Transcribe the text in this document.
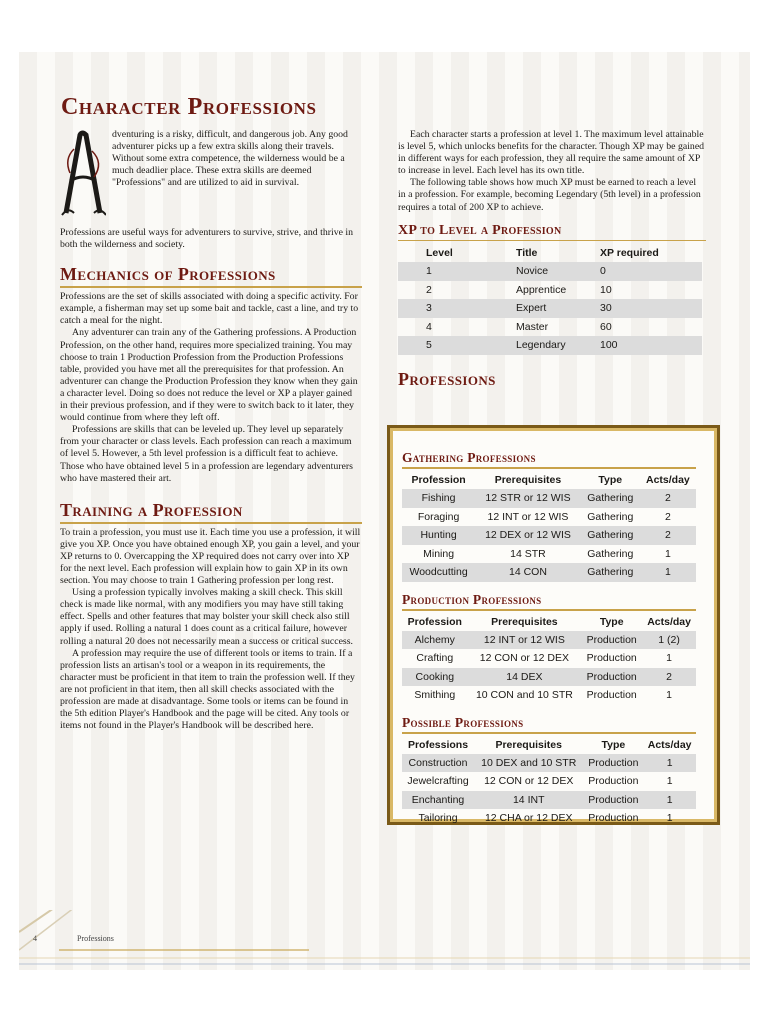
Character Professions

dventuring is a risky, difficult, and dangerous job. Any good adventurer picks up a few extra skills along their travels. Without some extra competence, the wilderness would be a much deadlier place. These extra skills are deemed "Professions" and are utilized to aid in survival.

Professions are useful ways for adventurers to survive, strive, and thrive in both the wilderness and society.

Mechanics of Professions

Professions are the set of skills associated with doing a specific activity. For example, a fisherman may set up some bait and tackle, cast a line, and try to catch a meal for the night.

Any adventurer can train any of the Gathering professions. A Production Profession, on the other hand, requires more specialized training. You may choose to train 1 Production Profession from the Production Professions table, provided you have met all the prerequisites for that profession. An adventurer can change the Production Profession they know when they gain a character level. Doing so does not reduce the level or XP a player gained in their previous profession, and if they were to switch back to it later, they would continue from where they left off.

Professions are skills that can be leveled up. They level up separately from your character or class levels. Each profession can reach a maximum of level 5. However, a 5th level profession is a difficult feat to achieve. Those who have obtained level 5 in a profession are legendary adventurers who have mastered their art.

Training a Profession

To train a profession, you must use it. Each time you use a profession, it will give you XP. Once you have obtained enough XP, you gain a level, and your XP returns to 0. Overcapping the XP required does not carry over into XP for the next level. Each profession will explain how to gain XP in its own section. You may choose to train 1 Gathering profession per long rest.

Using a profession typically involves making a skill check. This skill check is made like normal, with any modifiers you may have still taking effect. Spells and other features that may bolster your skill check also still apply if used. Rolling a natural 1 does count as a critical failure, however rolling a natural 20 does not necessarily mean a success or critical success.

A profession may require the use of different tools or items to train. If a profession lists an artisan's tool or a weapon in its requirements, the character must be proficient in that item to train the profession well. If they are not proficient in that item, then all skill checks associated with the profession are made at disadvantage. Some tools or items can be found in the 5th edition Player's Handbook and the page will be cited. Any tools or items not found in the Player's Handbook will be described here.

Each character starts a profession at level 1. The maximum level attainable is level 5, which unlocks benefits for the character. Though XP may be gained in different ways for each profession, they all require the same amount of XP to increase in level. Each level has its own title.

The following table shows how much XP must be earned to reach a level in a profession. For example, becoming Legendary (5th level) in a profession requires a total of 200 XP to achieve.

XP to Level a Profession
Level	Title	XP required
1	Novice	0
2	Apprentice	10
3	Expert	30
4	Master	60
5	Legendary	100
Professions
Gathering Professions
Profession	Prerequisites	Type	Acts/day
Fishing	12 STR or 12 WIS	Gathering	2
Foraging	12 INT or 12 WIS	Gathering	2
Hunting	12 DEX or 12 WIS	Gathering	2
Mining	14 STR	Gathering	1
Woodcutting	14 CON	Gathering	1
Production Professions
Profession	Prerequisites	Type	Acts/day
Alchemy	12 INT or 12 WIS	Production	1 (2)
Crafting	12 CON or 12 DEX	Production	1
Cooking	14 DEX	Production	2
Smithing	10 CON and 10 STR	Production	1
Possible Professions
Professions	Prerequisites	Type	Acts/day
Construction	10 DEX and 10 STR	Production	1
Jewelcrafting	12 CON or 12 DEX	Production	1
Enchanting	14 INT	Production	1
Tailoring	12 CHA or 12 DEX	Production	1
4	Professions
